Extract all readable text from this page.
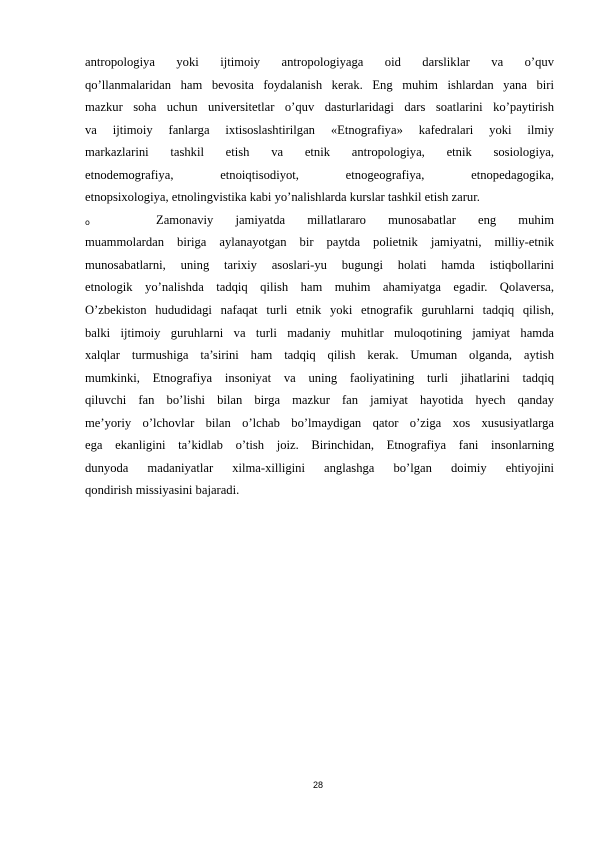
antropologiya yoki ijtimoiy antropologiyaga oid darsliklar va o’quv
qo’llanmalaridan ham bevosita foydalanish kerak. Eng muhim ishlardan yana biri
mazkur soha uchun universitetlar o’quv dasturlaridagi dars soatlarini ko’paytirish
va ijtimoiy fanlarga ixtisoslashtirilgan «Etnografiya» kafedralari yoki ilmiy
markazlarini tashkil etish va etnik antropologiya, etnik sosiologiya,
etnodemografiya, etnoiqtisodiyot, etnogeografiya, etnopedagogika,
etnopsixologiya, etnolingvistika kabi yo’nalishlarda kurslar tashkil etish zarur.
o	Zamonaviy jamiyatda millatlararo munosabatlar eng muhim
muammolardan biriga aylanayotgan bir paytda polietnik jamiyatni, milliy-etnik
munosabatlarni, uning tarixiy asoslari-yu bugungi holati hamda istiqbollarini
etnologik yo’nalishda tadqiq qilish ham muhim ahamiyatga egadir. Qolaversa,
O’zbekiston hududidagi nafaqat turli etnik yoki etnografik guruhlarni tadqiq qilish,
balki ijtimoiy guruhlarni va turli madaniy muhitlar muloqotining jamiyat hamda
xalqlar turmushiga ta’sirini ham tadqiq qilish kerak. Umuman olganda, aytish
mumkinki, Etnografiya insoniyat va uning faoliyatining turli jihatlarini tadqiq
qiluvchi fan bo’lishi bilan birga mazkur fan jamiyat hayotida hyech qanday
me’yoriy o’lchovlar bilan o’lchab bo’lmaydigan qator o’ziga xos xususiyatlarga
ega ekanligini ta’kidlab o’tish joiz. Birinchidan, Etnografiya fani insonlarning
dunyoda madaniyatlar xilma-xilligini anglashga bo’lgan doimiy ehtiyojini
qondirish missiyasini bajaradi.
28
